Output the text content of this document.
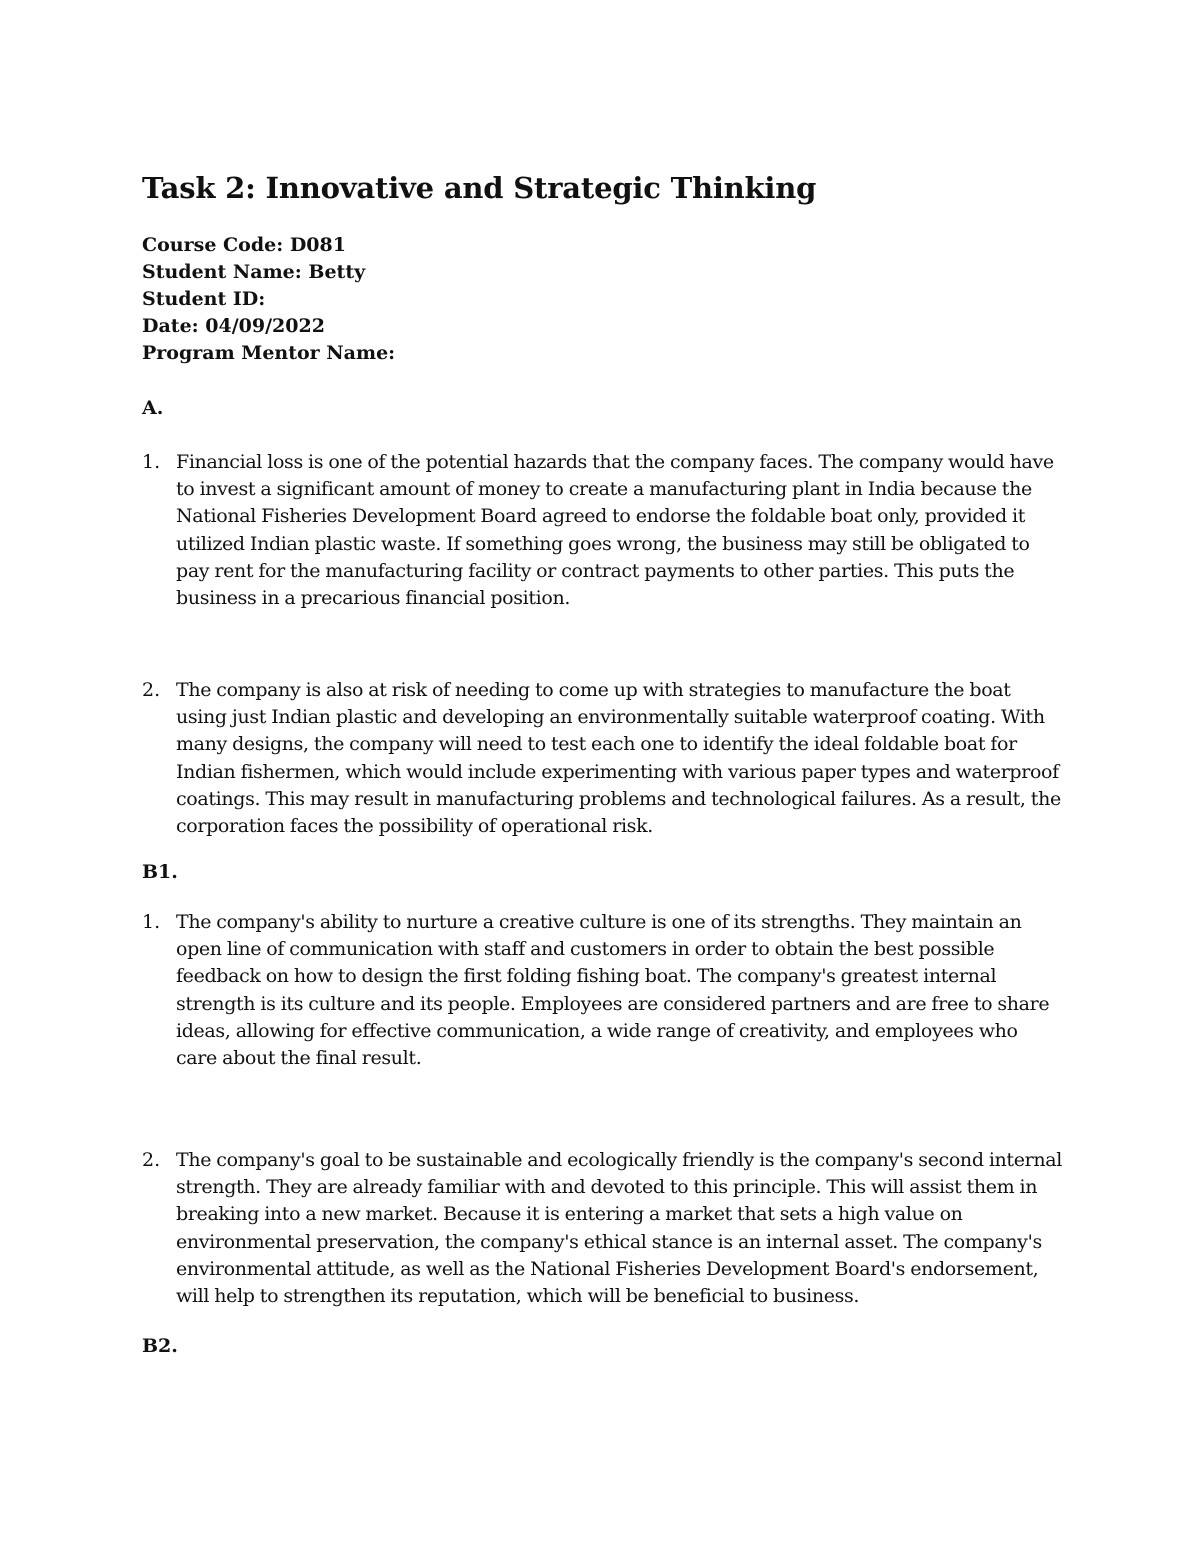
Task 2: Innovative and Strategic Thinking
Course Code: D081
Student Name: Betty
Student ID:
Date: 04/09/2022
Program Mentor Name:
A.
1. Financial loss is one of the potential hazards that the company faces. The company would have to invest a significant amount of money to create a manufacturing plant in India because the National Fisheries Development Board agreed to endorse the foldable boat only, provided it utilized Indian plastic waste. If something goes wrong, the business may still be obligated to pay rent for the manufacturing facility or contract payments to other parties. This puts the business in a precarious financial position.
2. The company is also at risk of needing to come up with strategies to manufacture the boat using just Indian plastic and developing an environmentally suitable waterproof coating. With many designs, the company will need to test each one to identify the ideal foldable boat for Indian fishermen, which would include experimenting with various paper types and waterproof coatings. This may result in manufacturing problems and technological failures. As a result, the corporation faces the possibility of operational risk.
B1.
1. The company's ability to nurture a creative culture is one of its strengths. They maintain an open line of communication with staff and customers in order to obtain the best possible feedback on how to design the first folding fishing boat. The company's greatest internal strength is its culture and its people. Employees are considered partners and are free to share ideas, allowing for effective communication, a wide range of creativity, and employees who care about the final result.
2. The company's goal to be sustainable and ecologically friendly is the company's second internal strength. They are already familiar with and devoted to this principle. This will assist them in breaking into a new market. Because it is entering a market that sets a high value on environmental preservation, the company's ethical stance is an internal asset. The company's environmental attitude, as well as the National Fisheries Development Board's endorsement, will help to strengthen its reputation, which will be beneficial to business.
B2.
